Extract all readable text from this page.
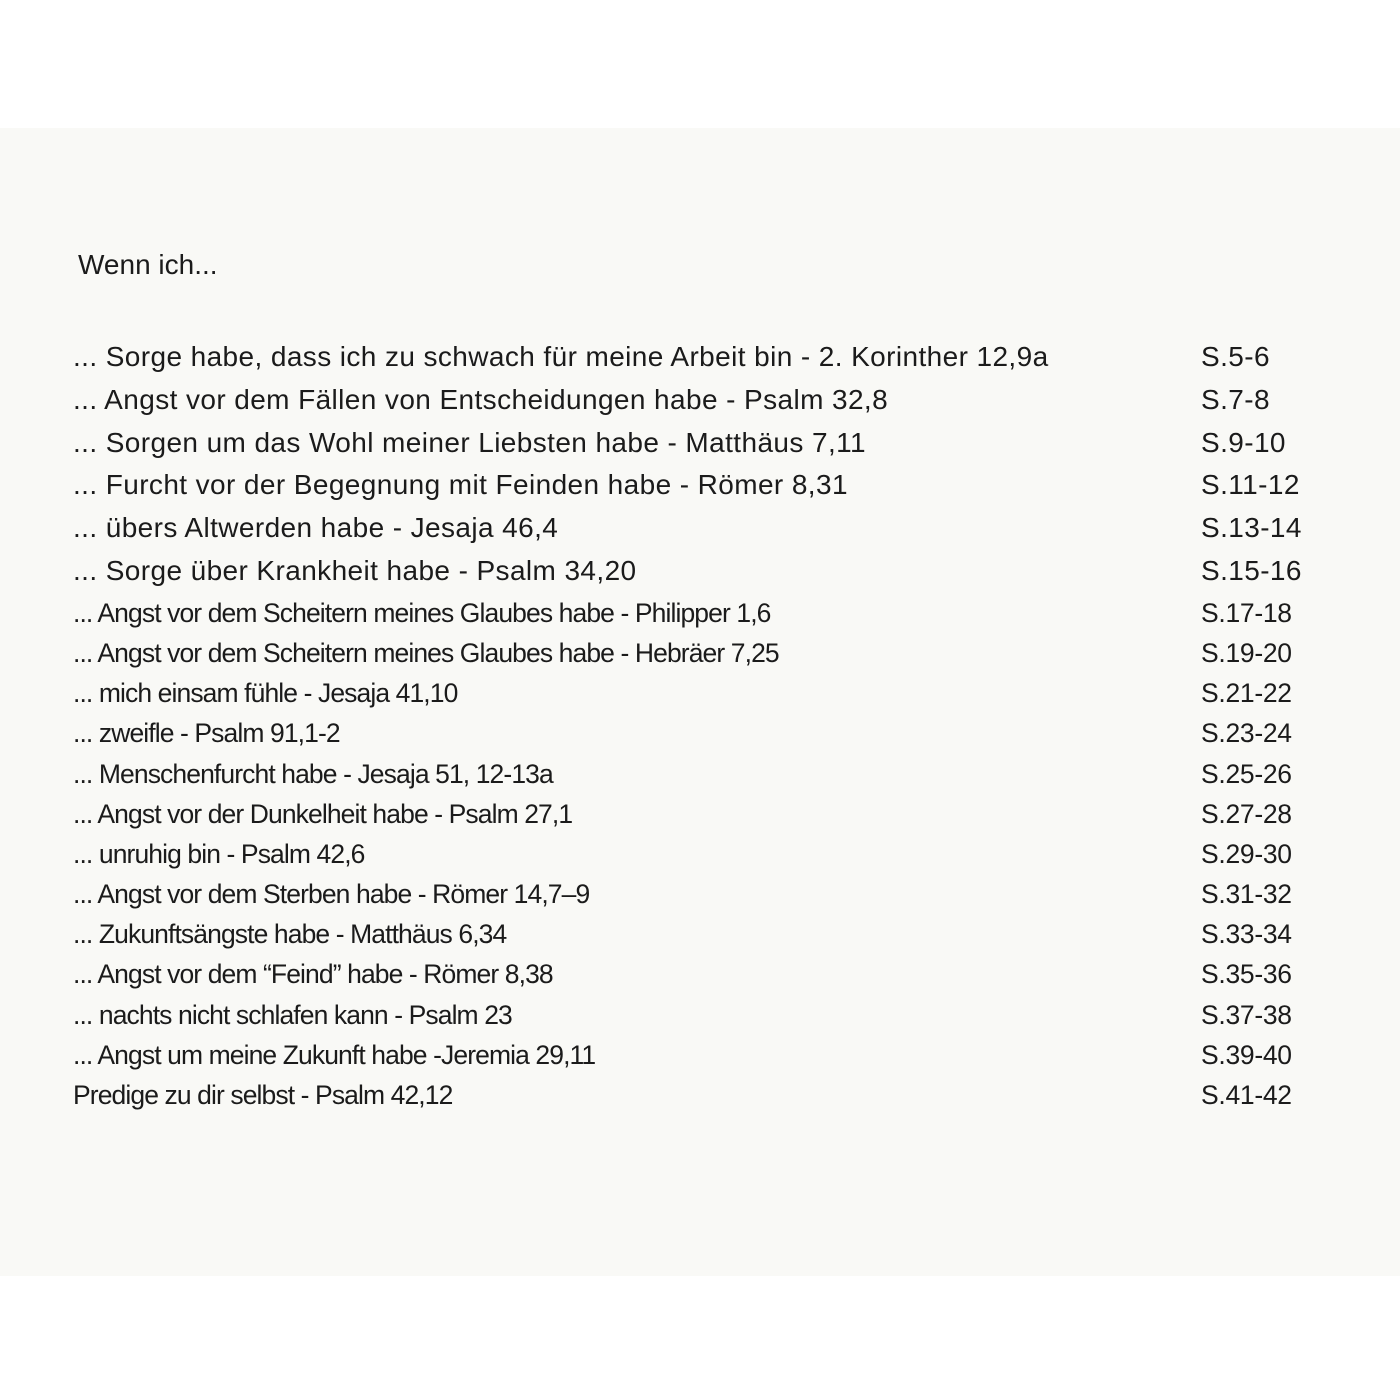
Wenn ich...
... Sorge habe, dass ich zu schwach für meine Arbeit bin - 2. Korinther 12,9a	S.5-6
... Angst vor dem Fällen von Entscheidungen habe - Psalm 32,8	S.7-8
... Sorgen um das Wohl meiner Liebsten habe - Matthäus 7,11	S.9-10
... Furcht vor der Begegnung mit Feinden habe - Römer 8,31	S.11-12
... übers Altwerden habe - Jesaja 46,4	S.13-14
... Sorge über Krankheit habe - Psalm 34,20	S.15-16
... Angst vor dem Scheitern meines Glaubes habe - Philipper 1,6	S.17-18
... Angst vor dem Scheitern meines Glaubes habe - Hebräer 7,25	S.19-20
... mich einsam fühle - Jesaja 41,10	S.21-22
... zweifle - Psalm 91,1-2	S.23-24
... Menschenfurcht habe - Jesaja 51, 12-13a	S.25-26
... Angst vor der Dunkelheit habe - Psalm 27,1	S.27-28
... unruhig bin - Psalm 42,6	S.29-30
... Angst vor dem Sterben habe - Römer 14,7–9	S.31-32
... Zukunftsängste habe - Matthäus 6,34	S.33-34
... Angst vor dem “Feind” habe - Römer 8,38	S.35-36
... nachts nicht schlafen kann - Psalm 23	S.37-38
... Angst um meine Zukunft habe -Jeremia 29,11	S.39-40
Predige zu dir selbst - Psalm 42,12	S.41-42
